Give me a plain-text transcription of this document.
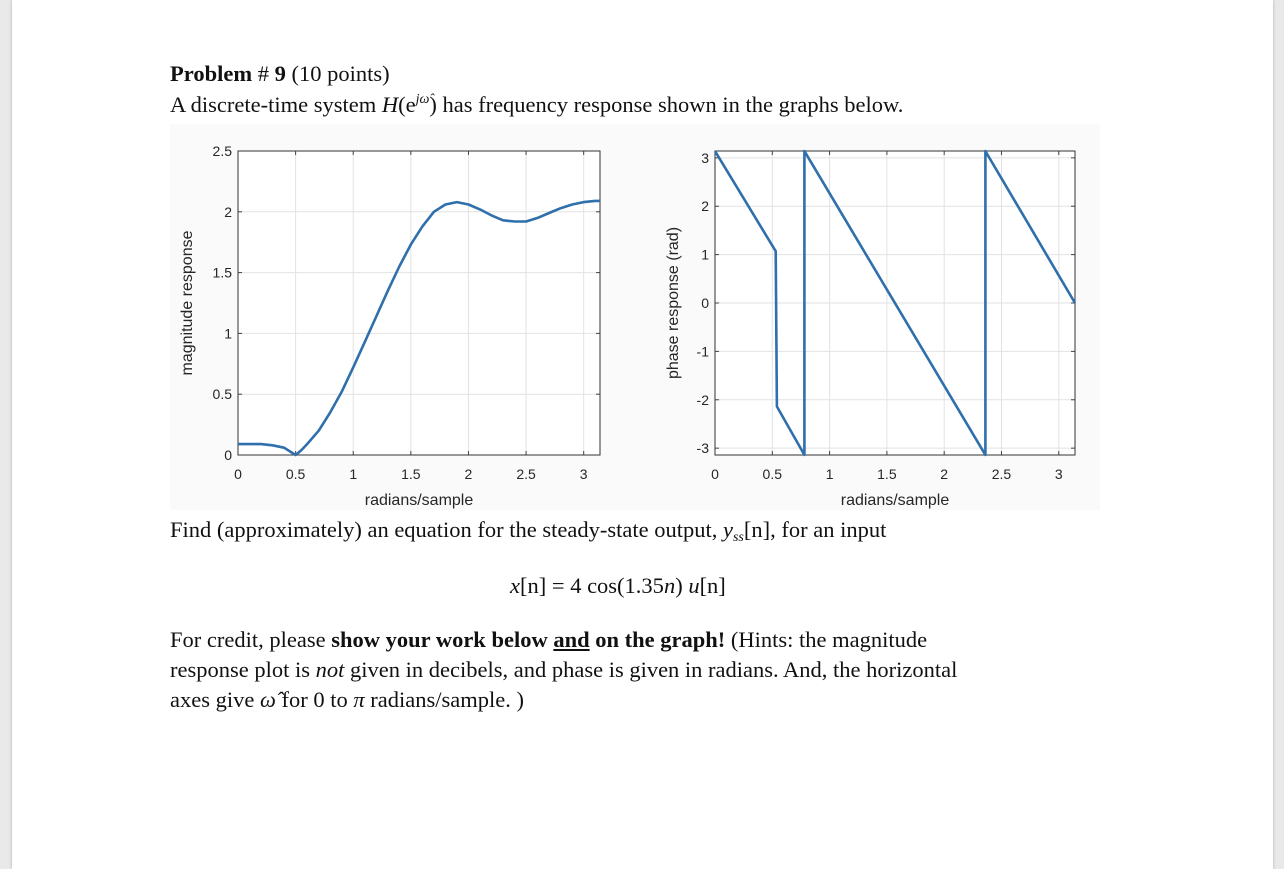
Problem # 9 (10 points)
A discrete-time system $H(e^{j\omegâ})$ has frequency response shown in the graphs below.
0	0.5	1	1.5	2	2.5	3
0
0.5
1
1.5
2
2.5
radians/sample
magnitude response
0	0.5	1	1.5	2	2.5	3
-3
-2
-1
0
1
2
3
radians/sample
phase response (rad)
Find (approximately) an equation for the steady-state output, $y_{ss}[n]$, for an input
x[n] = 4 cos(1.35n) u[n]
For credit, please show your work below and on the graph! (Hints: the magnitude
response plot is not given in decibels, and phase is given in radians. And, the horizontal
axes give ω̂ for 0 to π radians/sample. )
